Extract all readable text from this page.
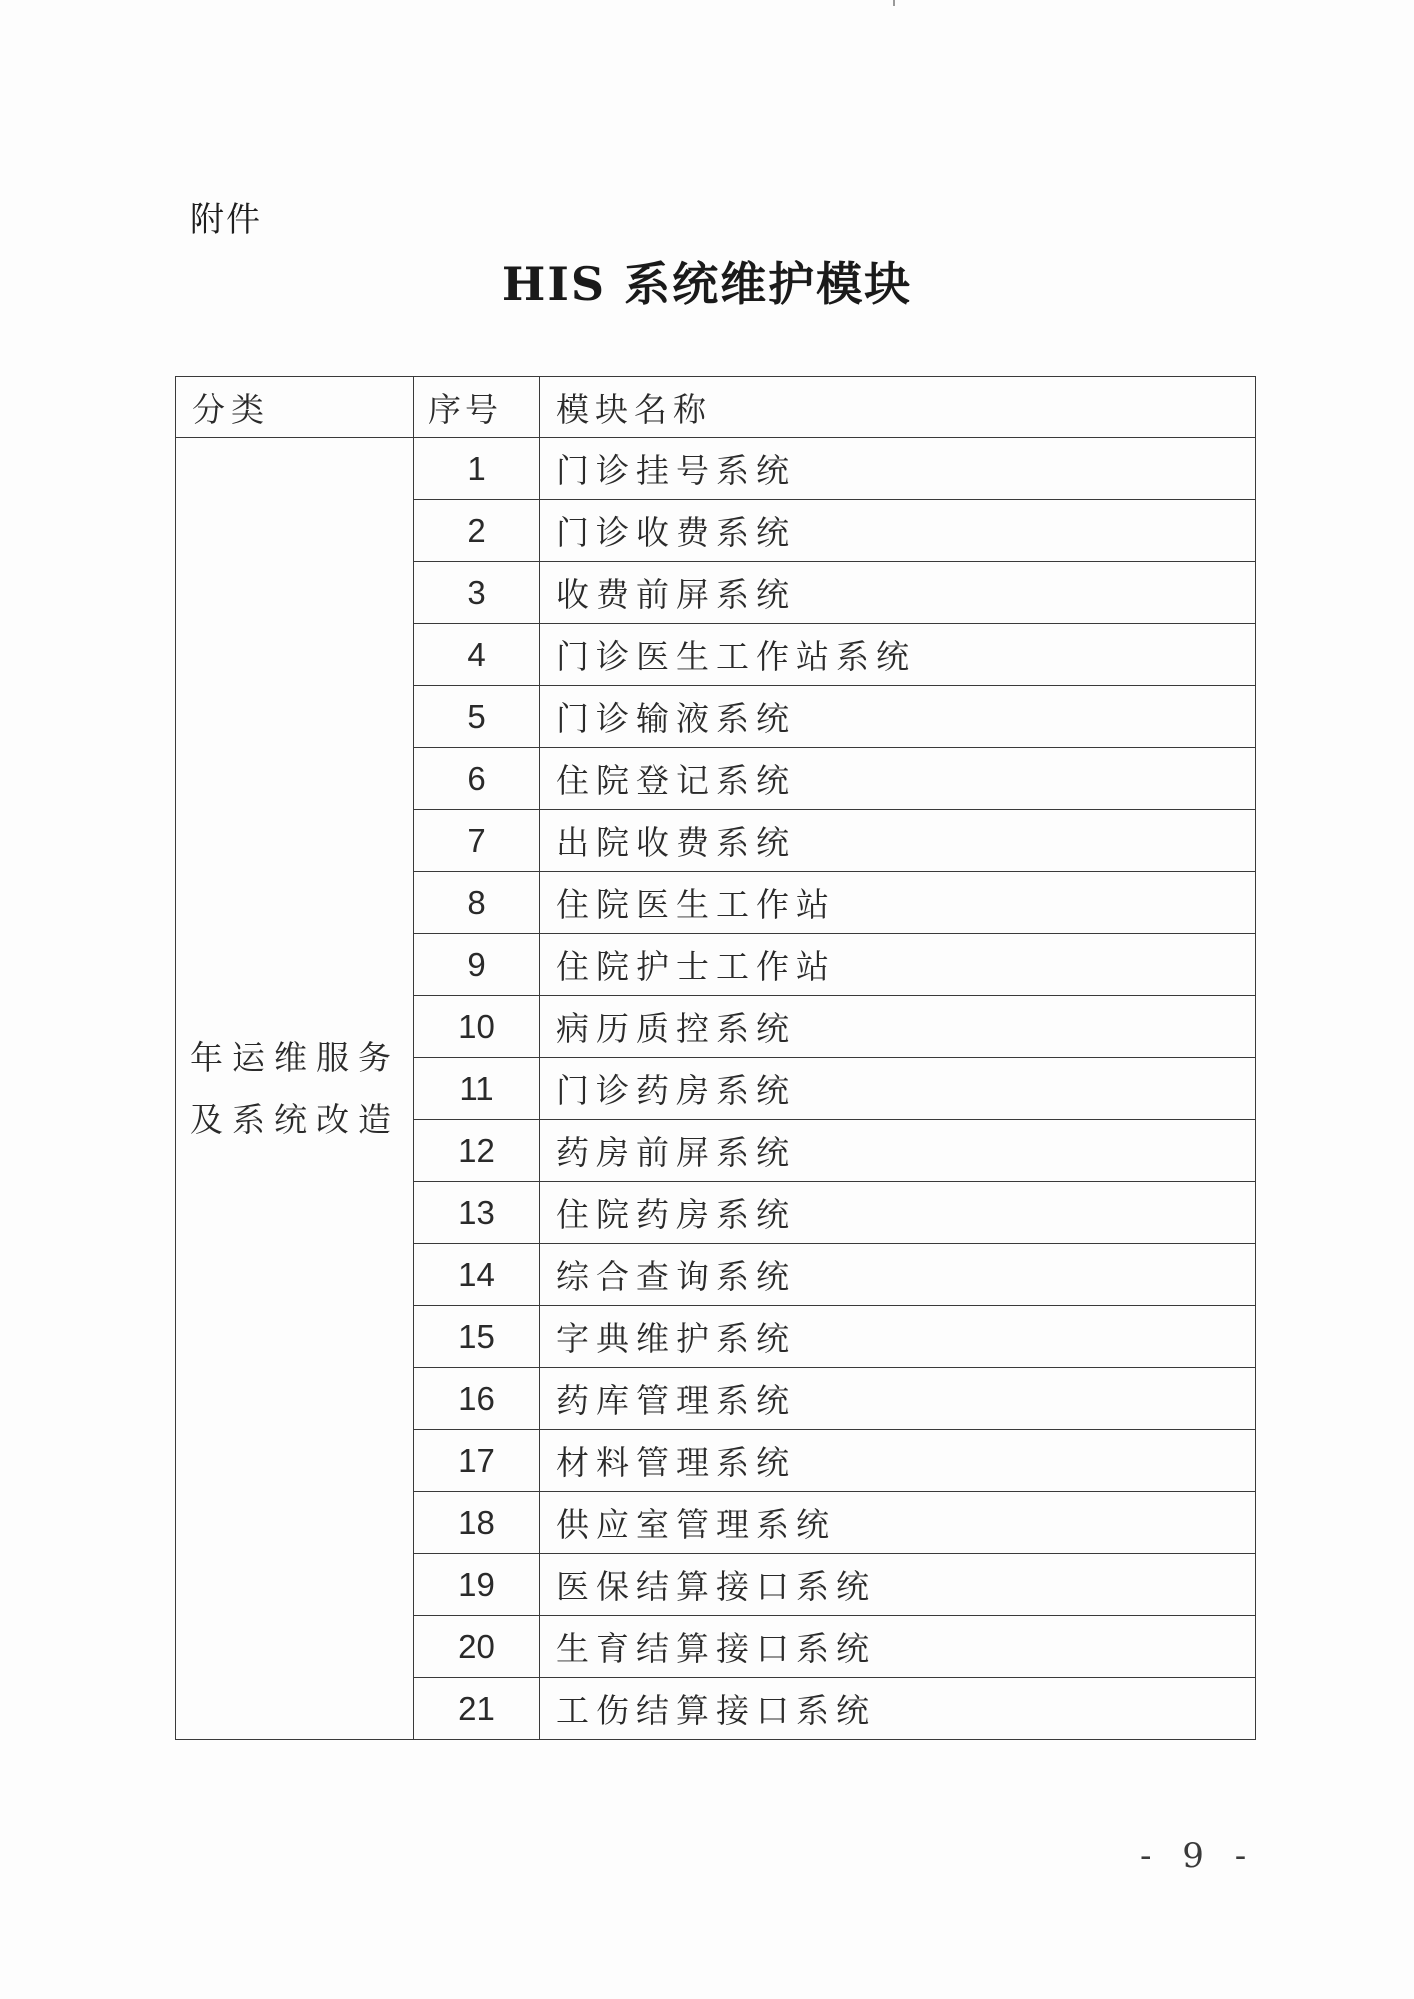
附件
HIS 系统维护模块
分类	序号	模块名称
年运维服务及系统改造	1	门诊挂号系统
	2	门诊收费系统
	3	收费前屏系统
	4	门诊医生工作站系统
	5	门诊输液系统
	6	住院登记系统
	7	出院收费系统
	8	住院医生工作站
	9	住院护士工作站
	10	病历质控系统
	11	门诊药房系统
	12	药房前屏系统
	13	住院药房系统
	14	综合查询系统
	15	字典维护系统
	16	药库管理系统
	17	材料管理系统
	18	供应室管理系统
	19	医保结算接口系统
	20	生育结算接口系统
	21	工伤结算接口系统
- 9 -
